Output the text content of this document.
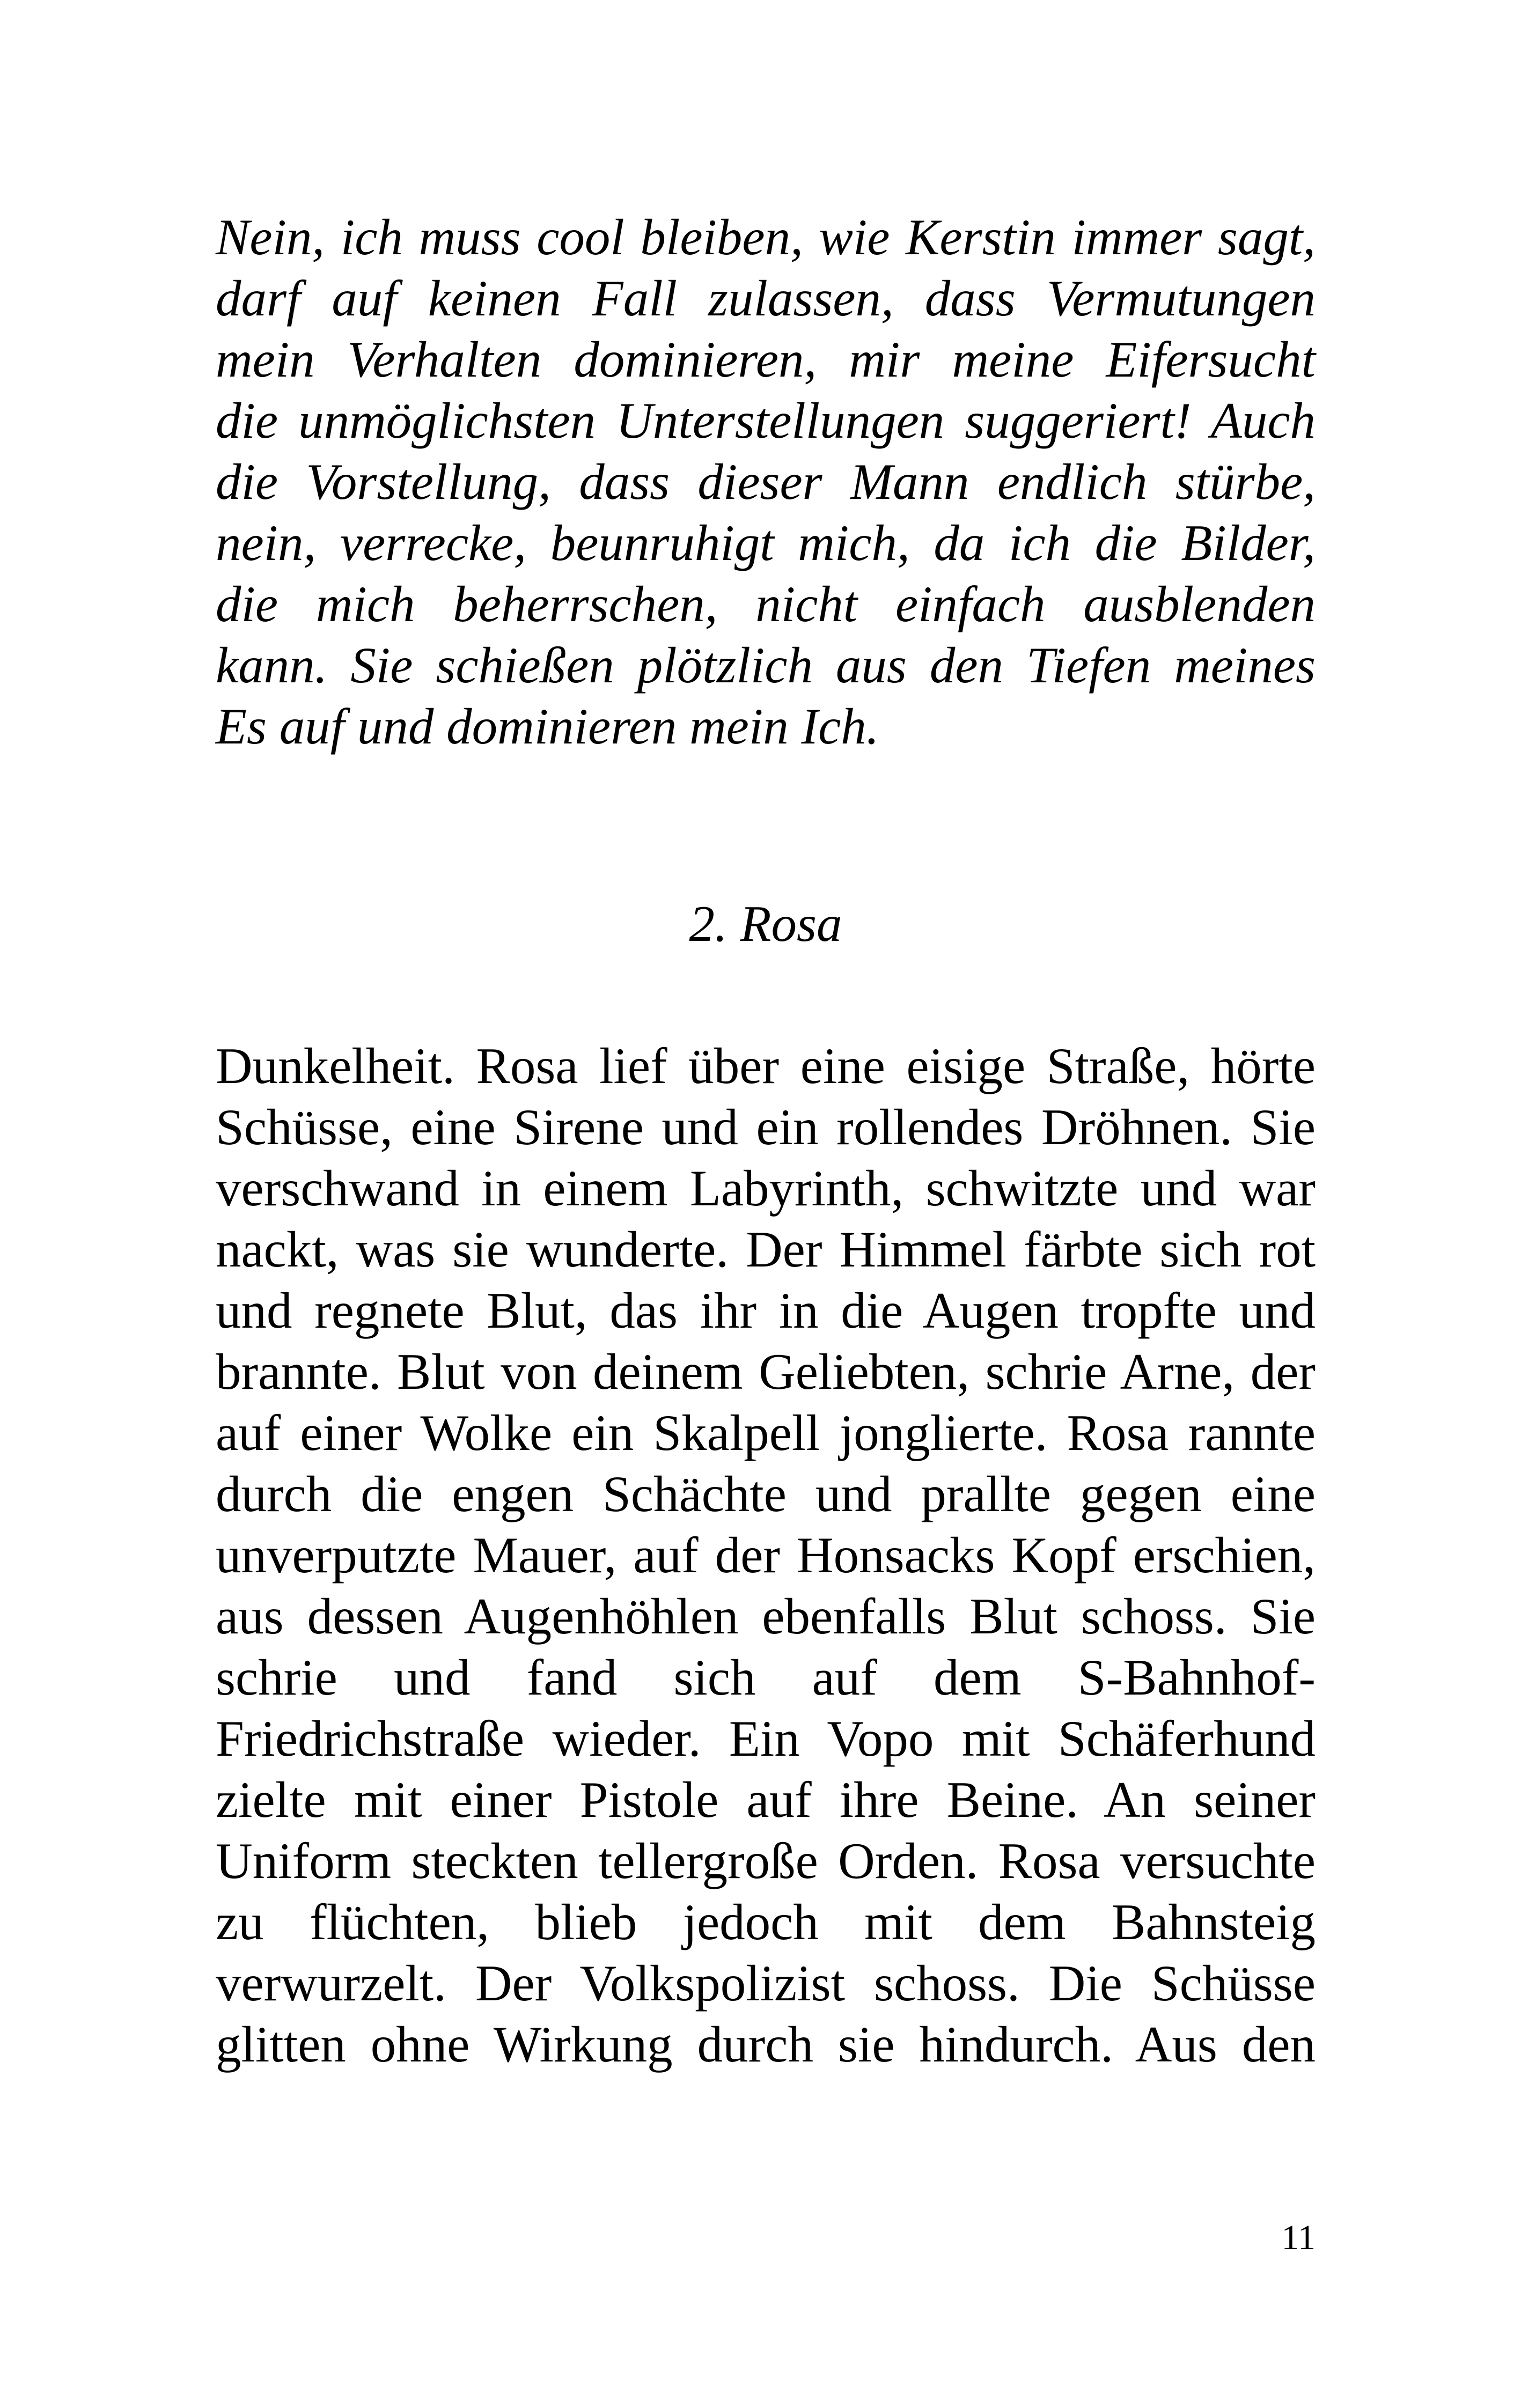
Nein, ich muss cool bleiben, wie Kerstin immer sagt,
darf auf keinen Fall zulassen, dass Vermutungen
mein Verhalten dominieren, mir meine Eifersucht
die unmöglichsten Unterstellungen suggeriert! Auch
die Vorstellung, dass dieser Mann endlich stürbe,
nein, verrecke, beunruhigt mich, da ich die Bilder,
die mich beherrschen, nicht einfach ausblenden
kann. Sie schießen plötzlich aus den Tiefen meines
Es auf und dominieren mein Ich.
2. Rosa
Dunkelheit. Rosa lief über eine eisige Straße, hörte
Schüsse, eine Sirene und ein rollendes Dröhnen. Sie
verschwand in einem Labyrinth, schwitzte und war
nackt, was sie wunderte. Der Himmel färbte sich rot
und regnete Blut, das ihr in die Augen tropfte und
brannte. Blut von deinem Geliebten, schrie Arne, der
auf einer Wolke ein Skalpell jonglierte. Rosa rannte
durch die engen Schächte und prallte gegen eine
unverputzte Mauer, auf der Honsacks Kopf erschien,
aus dessen Augenhöhlen ebenfalls Blut schoss. Sie
schrie und fand sich auf dem S-Bahnhof-
Friedrichstraße wieder. Ein Vopo mit Schäferhund
zielte mit einer Pistole auf ihre Beine. An seiner
Uniform steckten tellergroße Orden. Rosa versuchte
zu flüchten, blieb jedoch mit dem Bahnsteig
verwurzelt. Der Volkspolizist schoss. Die Schüsse
glitten ohne Wirkung durch sie hindurch. Aus den
11
